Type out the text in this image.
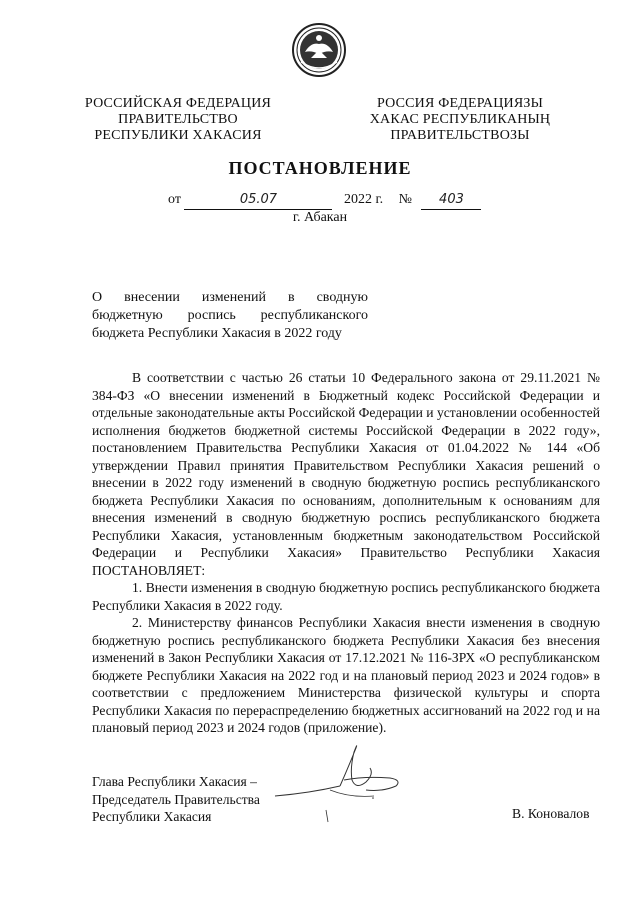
РОССИЙСКАЯ ФЕДЕРАЦИЯ
ПРАВИТЕЛЬСТВО
РЕСПУБЛИКИ ХАКАСИЯ
РОССИЯ ФЕДЕРАЦИЯЗЫ
ХАКАС РЕСПУБЛИКАНЫҢ
ПРАВИТЕЛЬСТВОЗЫ
ПОСТАНОВЛЕНИЕ
от	05.07	2022 г. № 403
г. Абакан
О внесении изменений в сводную
бюджетную роспись республиканского
бюджета Республики Хакасия в 2022 году

В соответствии с частью 26 статьи 10 Федерального закона от 29.11.2021 № 384-ФЗ «О внесении изменений в Бюджетный кодекс Российской Федерации и отдельные законодательные акты Российской Федерации и установлении особенностей исполнения бюджетов бюджетной системы Российской Федерации в 2022 году», постановлением Правительства Республики Хакасия от 01.04.2022 № 144 «Об утверждении Правил принятия Правительством Республики Хакасия решений о внесении в 2022 году изменений в сводную бюджетную роспись республиканского бюджета Республики Хакасия по основаниям, дополнительным к основаниям для внесения изменений в сводную бюджетную роспись республиканского бюджета Республики Хакасия, установленным бюджетным законодательством Российской Федерации и Республики Хакасия» Правительство Республики Хакасия ПОСТАНОВЛЯЕТ:

1. Внести изменения в сводную бюджетную роспись республиканского бюджета Республики Хакасия в 2022 году.

2. Министерству финансов Республики Хакасия внести изменения в сводную бюджетную роспись республиканского бюджета Республики Хакасия без внесения изменений в Закон Республики Хакасия от 17.12.2021 № 116-ЗРХ «О республиканском бюджете Республики Хакасия на 2022 год и на плановый период 2023 и 2024 годов» в соответствии с предложением Министерства физической культуры и спорта Республики Хакасия по перераспределению бюджетных ассигнований на 2022 год и на плановый период 2023 и 2024 годов (приложение).

Глава Республики Хакасия –
Председатель Правительства
Республики Хакасия	В. Коновалов
